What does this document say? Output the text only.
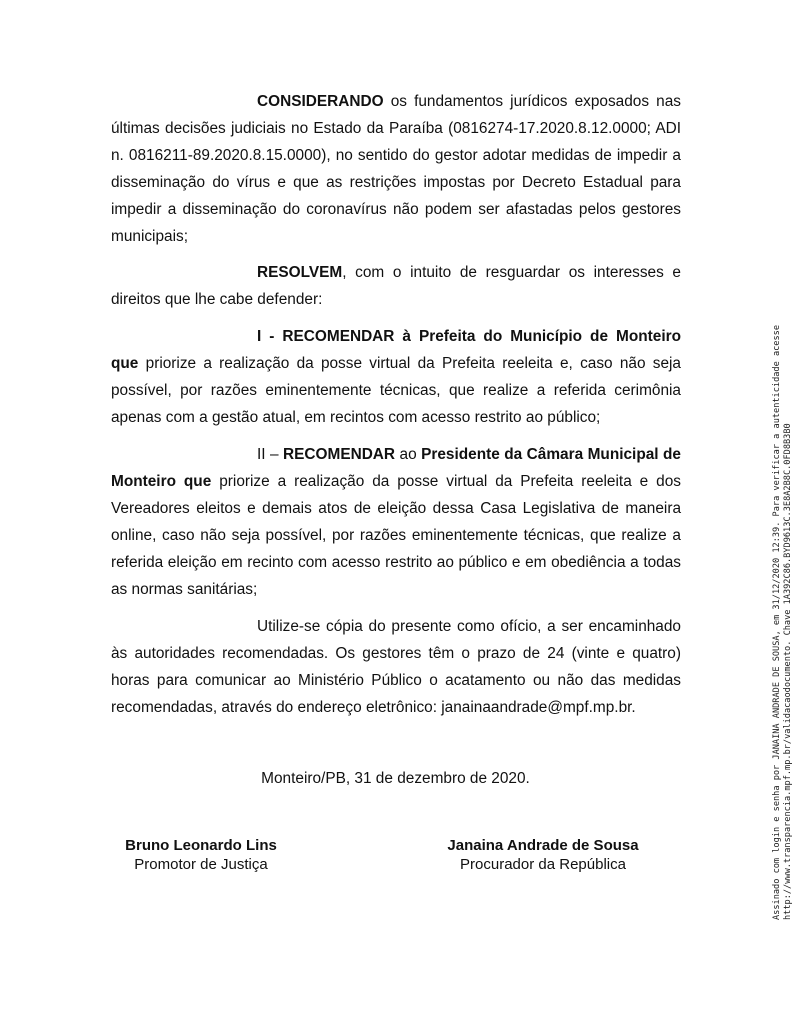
CONSIDERANDO os fundamentos jurídicos exposados nas últimas decisões judiciais no Estado da Paraíba (0816274-17.2020.8.12.0000; ADI n. 0816211-89.2020.8.15.0000), no sentido do gestor adotar medidas de impedir a disseminação do vírus e que as restrições impostas por Decreto Estadual para impedir a disseminação do coronavírus não podem ser afastadas pelos gestores municipais;

RESOLVEM, com o intuito de resguardar os interesses e direitos que lhe cabe defender:

I - RECOMENDAR à Prefeita do Município de Monteiro que priorize a realização da posse virtual da Prefeita reeleita e, caso não seja possível, por razões eminentemente técnicas, que realize a referida cerimônia apenas com a gestão atual, em recintos com acesso restrito ao público;

II – RECOMENDAR ao Presidente da Câmara Municipal de Monteiro que priorize a realização da posse virtual da Prefeita reeleita e dos Vereadores eleitos e demais atos de eleição dessa Casa Legislativa de maneira online, caso não seja possível, por razões eminentemente técnicas, que realize a referida eleição em recinto com acesso restrito ao público e em obediência a todas as normas sanitárias;

Utilize-se cópia do presente como ofício, a ser encaminhado às autoridades recomendadas. Os gestores têm o prazo de 24 (vinte e quatro) horas para comunicar ao Ministério Público o acatamento ou não das medidas recomendadas, através do endereço eletrônico: janainaandrade@mpf.mp.br.

Monteiro/PB, 31 de dezembro de 2020.

Bruno Leonardo Lins
Promotor de Justiça
Janaina Andrade de Sousa
Procurador da República	Assinado com login e senha por JANAINA ANDRADE DE SOUSA, em 31/12/2020 12:39. Para verificar a autenticidade acesse http://www.transparencia.mpf.mp.br/validacaodocumento. Chave 1A392C86.BYD9613C.3E8A2B8C.0FD8B3B0
